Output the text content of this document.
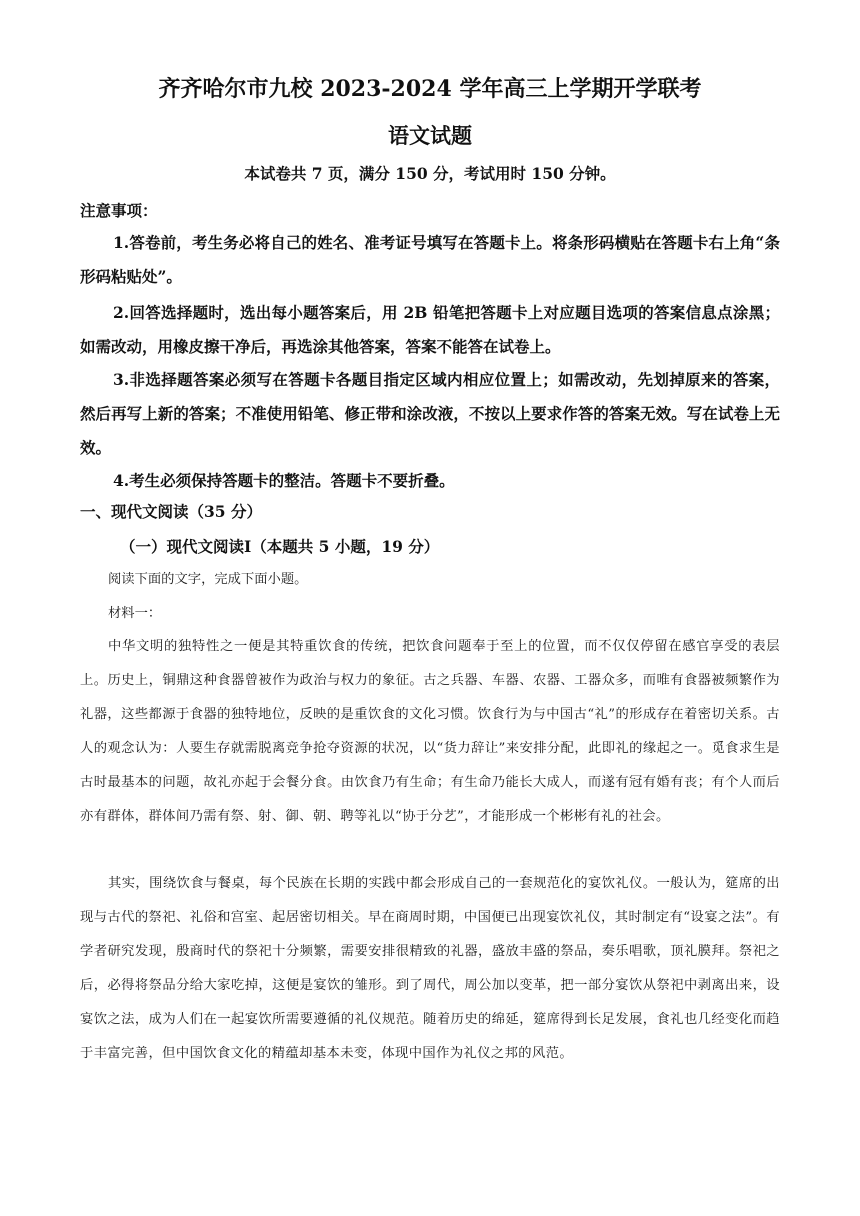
齐齐哈尔市九校 2023-2024 学年高三上学期开学联考
语文试题
本试卷共 7 页，满分 150 分，考试用时 150 分钟。
注意事项：
1.答卷前，考生务必将自己的姓名、准考证号填写在答题卡上。将条形码横贴在答题卡右上角“条形码粘贴处”。
2.回答选择题时，选出每小题答案后，用 2B 铅笔把答题卡上对应题目选项的答案信息点涂黑；如需改动，用橡皮擦干净后，再选涂其他答案，答案不能答在试卷上。
3.非选择题答案必须写在答题卡各题目指定区域内相应位置上；如需改动，先划掉原来的答案，然后再写上新的答案；不准使用铅笔、修正带和涂改液，不按以上要求作答的答案无效。写在试卷上无效。
4.考生必须保持答题卡的整洁。答题卡不要折叠。
一、现代文阅读（35 分）
（一）现代文阅读Ⅰ（本题共 5 小题，19 分）
阅读下面的文字，完成下面小题。
材料一：
中华文明的独特性之一便是其特重饮食的传统，把饮食问题奉于至上的位置，而不仅仅停留在感官享受的表层上。历史上，铜鼎这种食器曾被作为政治与权力的象征。古之兵器、车器、农器、工器众多，而唯有食器被频繁作为礼器，这些都源于食器的独特地位，反映的是重饮食的文化习惯。饮食行为与中国古“礼”的形成存在着密切关系。古人的观念认为：人要生存就需脱离竞争抢夺资源的状况，以“货力辞让”来安排分配，此即礼的缘起之一。觅食求生是古时最基本的问题，故礼亦起于会餐分食。由饮食乃有生命；有生命乃能长大成人，而遂有冠有婚有丧；有个人而后亦有群体，群体间乃需有祭、射、御、朝、聘等礼以“协于分艺”，才能形成一个彬彬有礼的社会。
其实，围绕饮食与餐桌，每个民族在长期的实践中都会形成自己的一套规范化的宴饮礼仪。一般认为，筵席的出现与古代的祭祀、礼俗和宫室、起居密切相关。早在商周时期，中国便已出现宴饮礼仪，其时制定有“设宴之法”。有学者研究发现，殷商时代的祭祀十分频繁，需要安排很精致的礼器，盛放丰盛的祭品，奏乐唱歌，顶礼膜拜。祭祀之后，必得将祭品分给大家吃掉，这便是宴饮的雏形。到了周代，周公加以变革，把一部分宴饮从祭祀中剥离出来，设宴饮之法，成为人们在一起宴饮所需要遵循的礼仪规范。随着历史的绵延，筵席得到长足发展，食礼也几经变化而趋于丰富完善，但中国饮食文化的精蕴却基本未变，体现中国作为礼仪之邦的风范。
